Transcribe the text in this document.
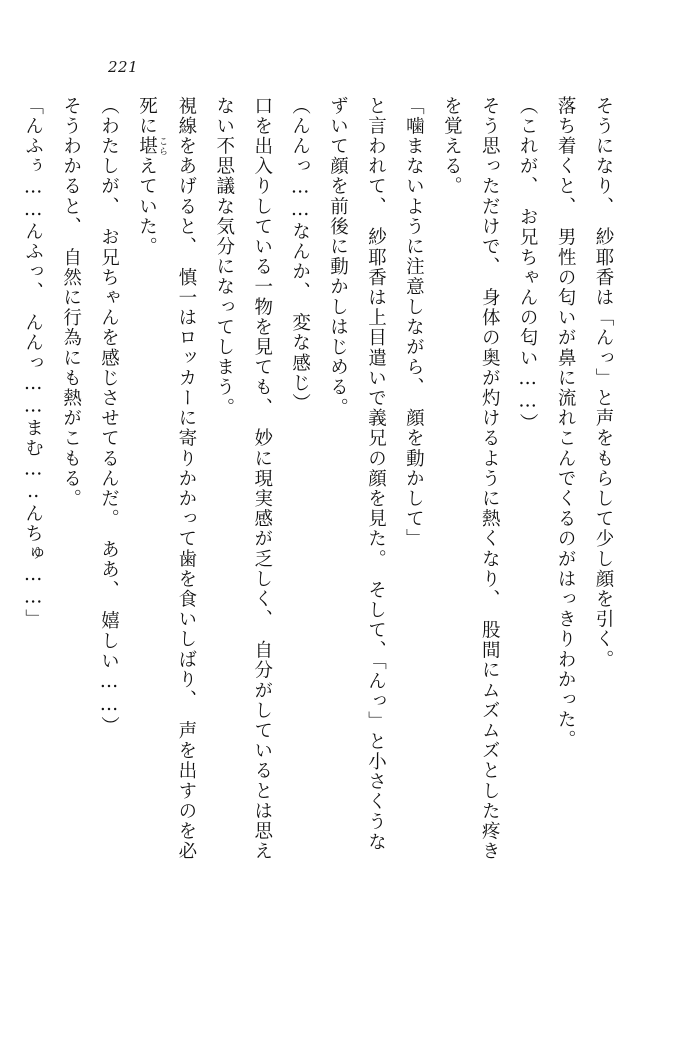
221
そうになり、　紗耶香は「んっ」と声をもらして少し顔を引く。
落ち着くと、　男性の匂いが鼻に流れこんでくるのがはっきりわかった。
（これが、　お兄ちゃんの匂い……）
そう思っただけで、　身体の奥が灼けるように熱くなり、　股間にムズムズとした疼き
を覚える。
「噛まないように注意しながら、　顔を動かして」
と言われて、　紗耶香は上目遣いで義兄の顔を見た。　そして、「んっ」と小さくうな
ずいて顔を前後に動かしはじめる。
（んんっ……なんか、　変な感じ）
口を出入りしている一物を見ても、　妙に現実感が乏しく、　自分がしているとは思え
ない不思議な気分になってしまう。
視線をあげると、　慎一はロッカーに寄りかかって歯を食いしばり、　声を出すのを必
死に堪 こらえていた。
（わたしが、　お兄ちゃんを感じさせてるんだ。　ああ、　嬉しい……）
そうわかると、　自然に行為にも熱がこもる。
「んふぅ……んふっ、　んんっ……まむ…‥んちゅ……」
